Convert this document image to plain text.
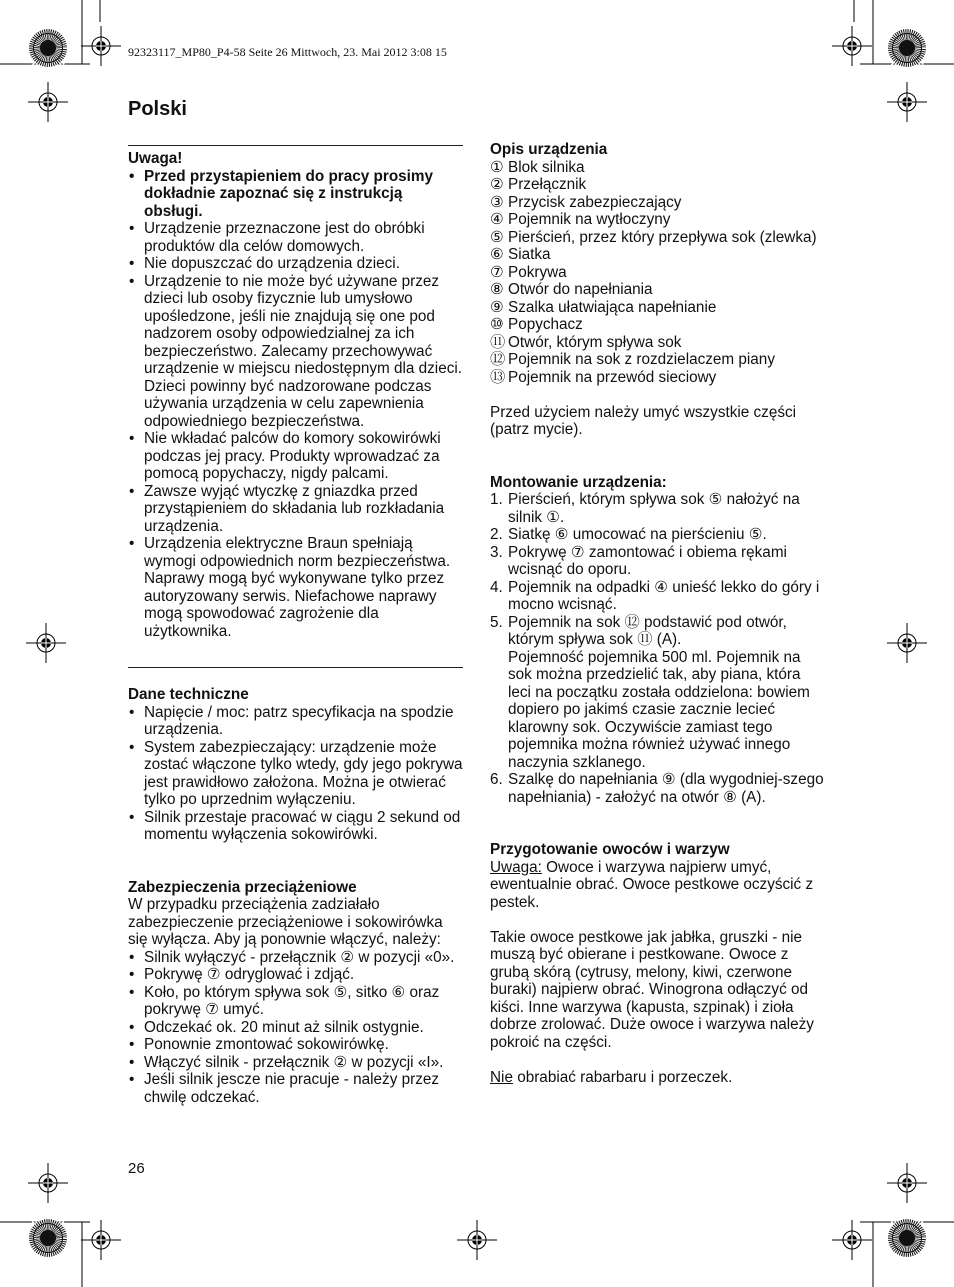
92323117_MP80_P4-58 Seite 26 Mittwoch, 23. Mai 2012 3:08 15
Polski
Uwaga!
• Przed przystapieniem do pracy prosimy dokładnie zapoznać się z instrukcją obsługi.
• Urządzenie przeznaczone jest do obróbki produktów dla celów domowych.
• Nie dopuszczać do urządzenia dzieci.
• Urządzenie to nie może być używane przez dzieci lub osoby fizycznie lub umysłowo upośledzone, jeśli nie znajdują się one pod nadzorem osoby odpowiedzialnej za ich bezpieczeństwo. Zalecamy przechowywać urządzenie w miejscu niedostępnym dla dzieci. Dzieci powinny być nadzorowane podczas używania urządzenia w celu zapewnienia odpowiedniego bezpieczeństwa.
• Nie wkładać palców do komory sokowirówki podczas jej pracy. Produkty wprowadzać za pomocą popychaczy, nigdy palcami.
• Zawsze wyjąć wtyczkę z gniazdka przed przystąpieniem do składania lub rozkładania urządzenia.
• Urządzenia elektryczne Braun spełniają wymogi odpowiednich norm bezpieczeństwa. Naprawy mogą być wykonywane tylko przez autoryzowany serwis. Niefachowe naprawy mogą spowodować zagrożenie dla użytkownika.
Dane techniczne
• Napięcie / moc: patrz specyfikacja na spodzie urządzenia.
• System zabezpieczający: urządzenie może zostać włączone tylko wtedy, gdy jego pokrywa jest prawidłowo założona. Można je otwierać tylko po uprzednim wyłączeniu.
• Silnik przestaje pracować w ciągu 2 sekund od momentu wyłączenia sokowirówki.
Zabezpieczenia przeciążeniowe
W przypadku przeciążenia zadziałało zabezpieczenie przeciążeniowe i sokowirówka się wyłącza. Aby ją ponownie włączyć, należy:
• Silnik wyłączyć - przełącznik ② w pozycji «0».
• Pokrywę ⑦ odryglować i zdjąć.
• Koło, po którym spływa sok ⑤, sitko ⑥ oraz pokrywę ⑦ umyć.
• Odczekać ok. 20 minut aż silnik ostygnie.
• Ponownie zmontować sokowirówkę.
• Włączyć silnik - przełącznik ② w pozycji «I».
• Jeśli silnik jescze nie pracuje - należy przez chwilę odczekać.
Opis urządzenia
① Blok silnika
② Przełącznik
③ Przycisk zabezpieczający
④ Pojemnik na wytłoczyny
⑤ Pierścień, przez który przepływa sok (zlewka)
⑥ Siatka
⑦ Pokrywa
⑧ Otwór do napełniania
⑨ Szalka ułatwiająca napełnianie
⑩ Popychacz
⑪ Otwór, którym spływa sok
⑫ Pojemnik na sok z rozdzielaczem piany
⑬ Pojemnik na przewód sieciowy
Przed użyciem należy umyć wszystkie części (patrz mycie).
Montowanie urządzenia:
1. Pierścień, którym spływa sok ⑤ nałożyć na silnik ①.
2. Siatkę ⑥ umocować na pierścieniu ⑤.
3. Pokrywę ⑦ zamontować i obiema rękami wcisnąć do oporu.
4. Pojemnik na odpadki ④ unieść lekko do góry i mocno wcisnąć.
5. Pojemnik na sok ⑫ podstawić pod otwór, którym spływa sok ⑪ (A).
Pojemność pojemnika 500 ml. Pojemnik na sok można przedzielić tak, aby piana, która leci na początku została oddzielona: bowiem dopiero po jakimś czasie zacznie lecieć klarowny sok. Oczywiście zamiast tego pojemnika można również używać innego naczynia szklanego.
6. Szalkę do napełniania ⑨ (dla wygodniej-szego napełniania) - założyć na otwór ⑧ (A).
Przygotowanie owoców i warzyw
Uwaga: Owoce i warzywa najpierw umyć, ewentualnie obrać. Owoce pestkowe oczyścić z pestek.
Takie owoce pestkowe jak jabłka, gruszki - nie muszą być obierane i pestkowane. Owoce z grubą skórą (cytrusy, melony, kiwi, czerwone buraki) najpierw obrać. Winogrona odłączyć od kiści. Inne warzywa (kapusta, szpinak) i zioła dobrze zrolować. Duże owoce i warzywa należy pokroić na części.
Nie obrabiać rabarbaru i porzeczek.
26
